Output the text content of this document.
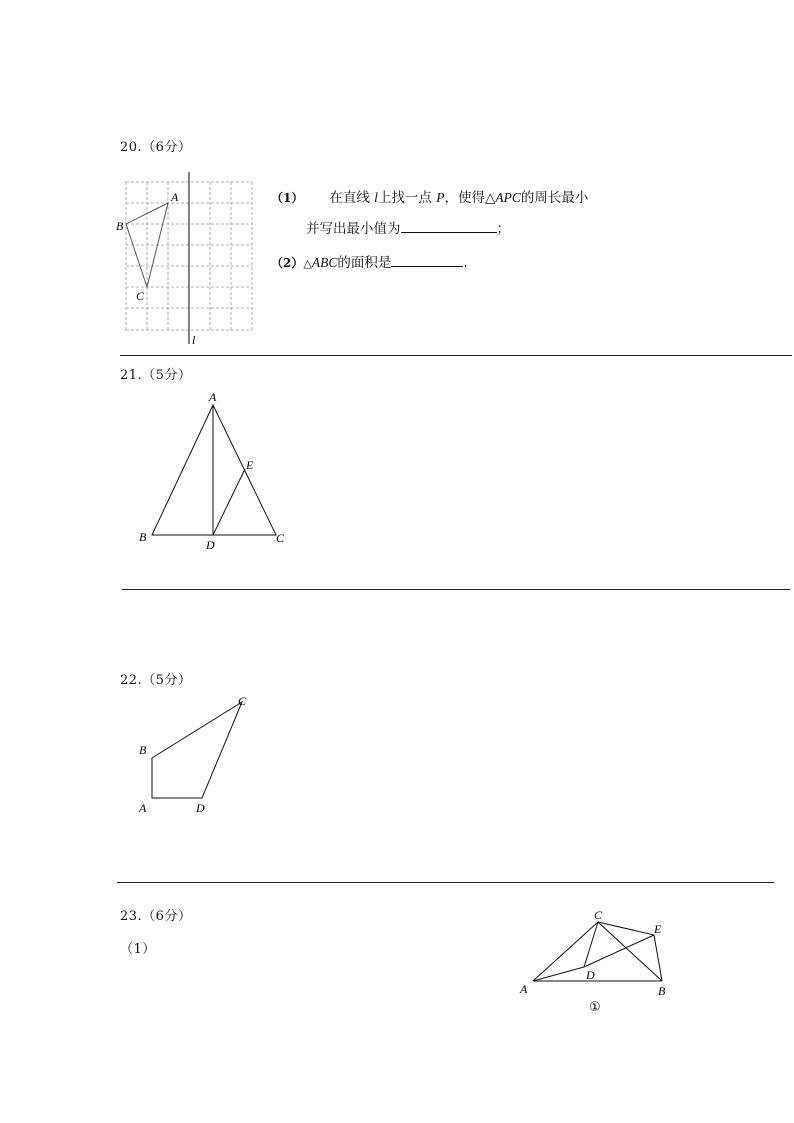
20.（6分）
A
B
C
l
（1） 在直线 l上找一点 P，使得△APC的周长最小
并写出最小值为	；
（2）△ABC的面积是	.
21.（5分）
A
B	C
D
E
22.（5分）
A
B
C
D
23.（6分）
（1）
A	B
C
D
E
①
